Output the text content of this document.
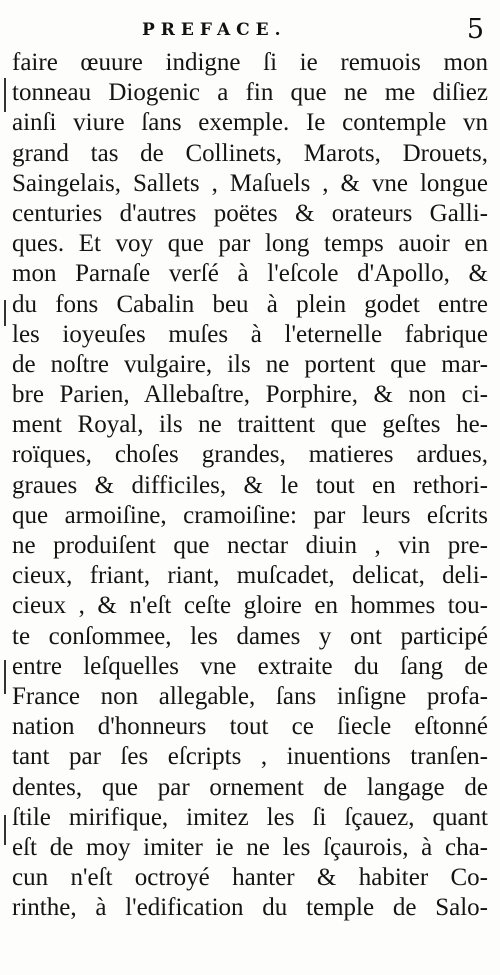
PREFACE.	5
faire œuure indigne ſi ie remuois mon
tonneau Diogenic a fin que ne me diſiez
ainſi viure ſans exemple. Ie contemple vn
grand tas de Collinets, Marots, Drouets,
Saingelais, Sallets , Maſuels , & vne longue
centuries d'autres poëtes & orateurs Galli-
ques. Et voy que par long temps auoir en
mon Parnaſe verſé à l'eſcole d'Apollo, &
du fons Cabalin beu à plein godet entre
les ioyeuſes muſes à l'eternelle fabrique
de noſtre vulgaire, ils ne portent que mar-
bre Parien, Allebaſtre, Porphire, & non ci-
ment Royal, ils ne traittent que geſtes he-
roïques, choſes grandes, matieres ardues,
graues & difficiles, & le tout en rethori-
que armoiſine, cramoiſine: par leurs eſcrits
ne produiſent que nectar diuin , vin pre-
cieux, friant, riant, muſcadet, delicat, deli-
cieux , & n'eſt ceſte gloire en hommes tou-
te conſommee, les dames y ont participé
entre leſquelles vne extraite du ſang de
France non allegable, ſans inſigne profa-
nation d'honneurs tout ce ſiecle eſtonné
tant par ſes eſcripts , inuentions tranſen-
dentes, que par ornement de langage de
ſtile mirifique, imitez les ſi ſçauez, quant
eſt de moy imiter ie ne les ſçaurois, à cha-
cun n'eſt octroyé hanter & habiter Co-
rinthe, à l'edification du temple de Salo-
